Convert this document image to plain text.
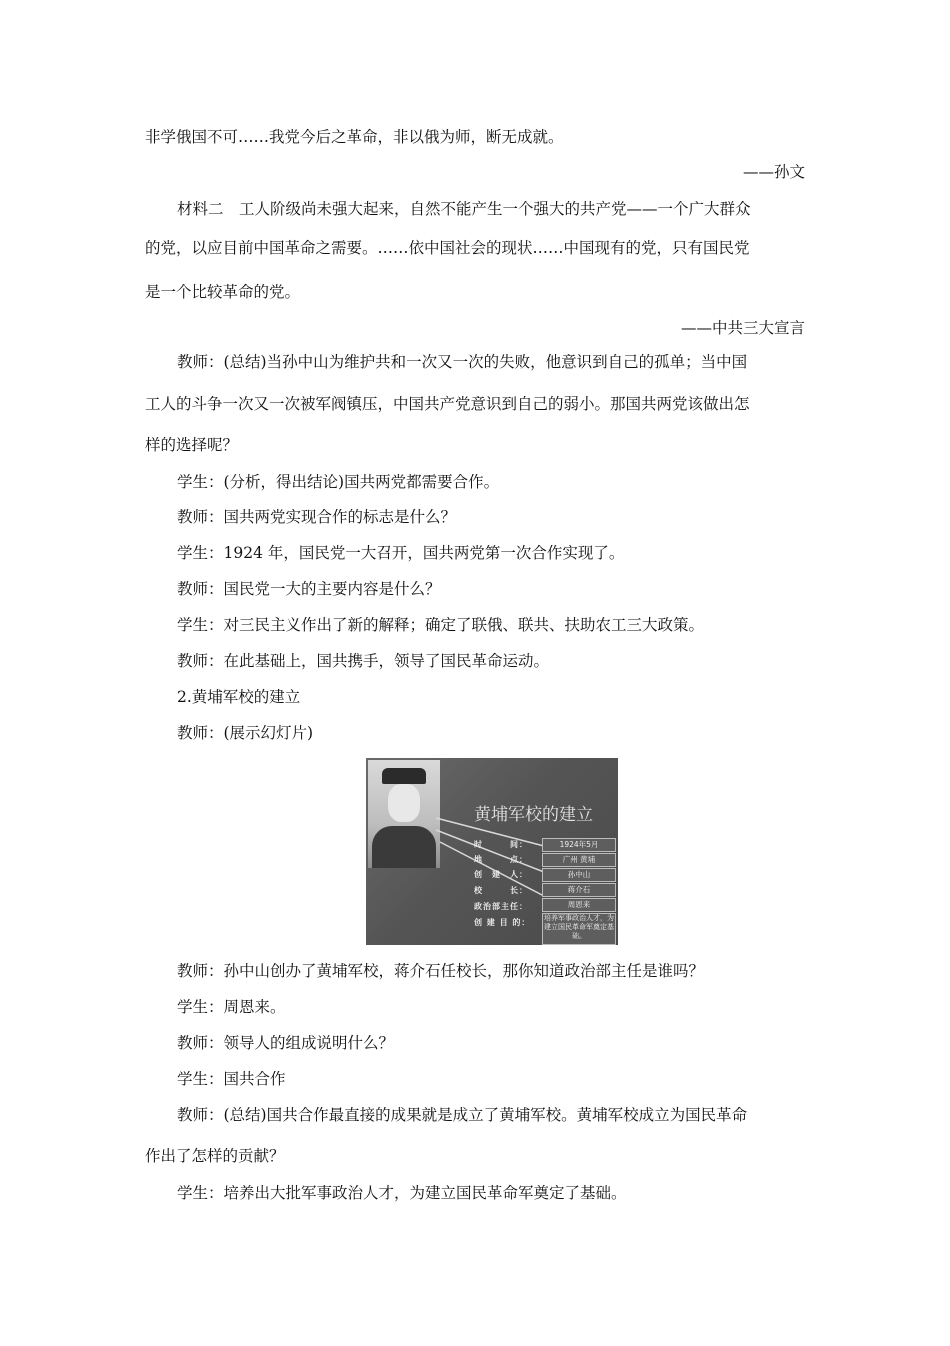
非学俄国不可……我党今后之革命，非以俄为师，断无成就。
——孙文
材料二　工人阶级尚未强大起来，自然不能产生一个强大的共产党——一个广大群众
的党，以应目前中国革命之需要。……依中国社会的现状……中国现有的党，只有国民党
是一个比较革命的党。
——中共三大宣言
教师：(总结)当孙中山为维护共和一次又一次的失败，他意识到自己的孤单；当中国
工人的斗争一次又一次被军阀镇压，中国共产党意识到自己的弱小。那国共两党该做出怎
样的选择呢？
学生：(分析，得出结论)国共两党都需要合作。
教师：国共两党实现合作的标志是什么？
学生：1924 年，国民党一大召开，国共两党第一次合作实现了。
教师：国民党一大的主要内容是什么？
学生：对三民主义作出了新的解释；确定了联俄、联共、扶助农工三大政策。
教师：在此基础上，国共携手，领导了国民革命运动。
2.黄埔军校的建立
教师：(展示幻灯片)
黄埔军校的建立
时　　　间：
地　　　点：
创　建　人：
校　　　长：
政治部主任：
创 建 目 的：
1924年5月
广州 黄埔
孙中山
蒋介石
周恩来
培养军事政治人才，为建立国民革命军奠定基础。
教师：孙中山创办了黄埔军校，蒋介石任校长，那你知道政治部主任是谁吗？
学生：周恩来。
教师：领导人的组成说明什么？
学生：国共合作
教师：(总结)国共合作最直接的成果就是成立了黄埔军校。黄埔军校成立为国民革命
作出了怎样的贡献？
学生：培养出大批军事政治人才，为建立国民革命军奠定了基础。
